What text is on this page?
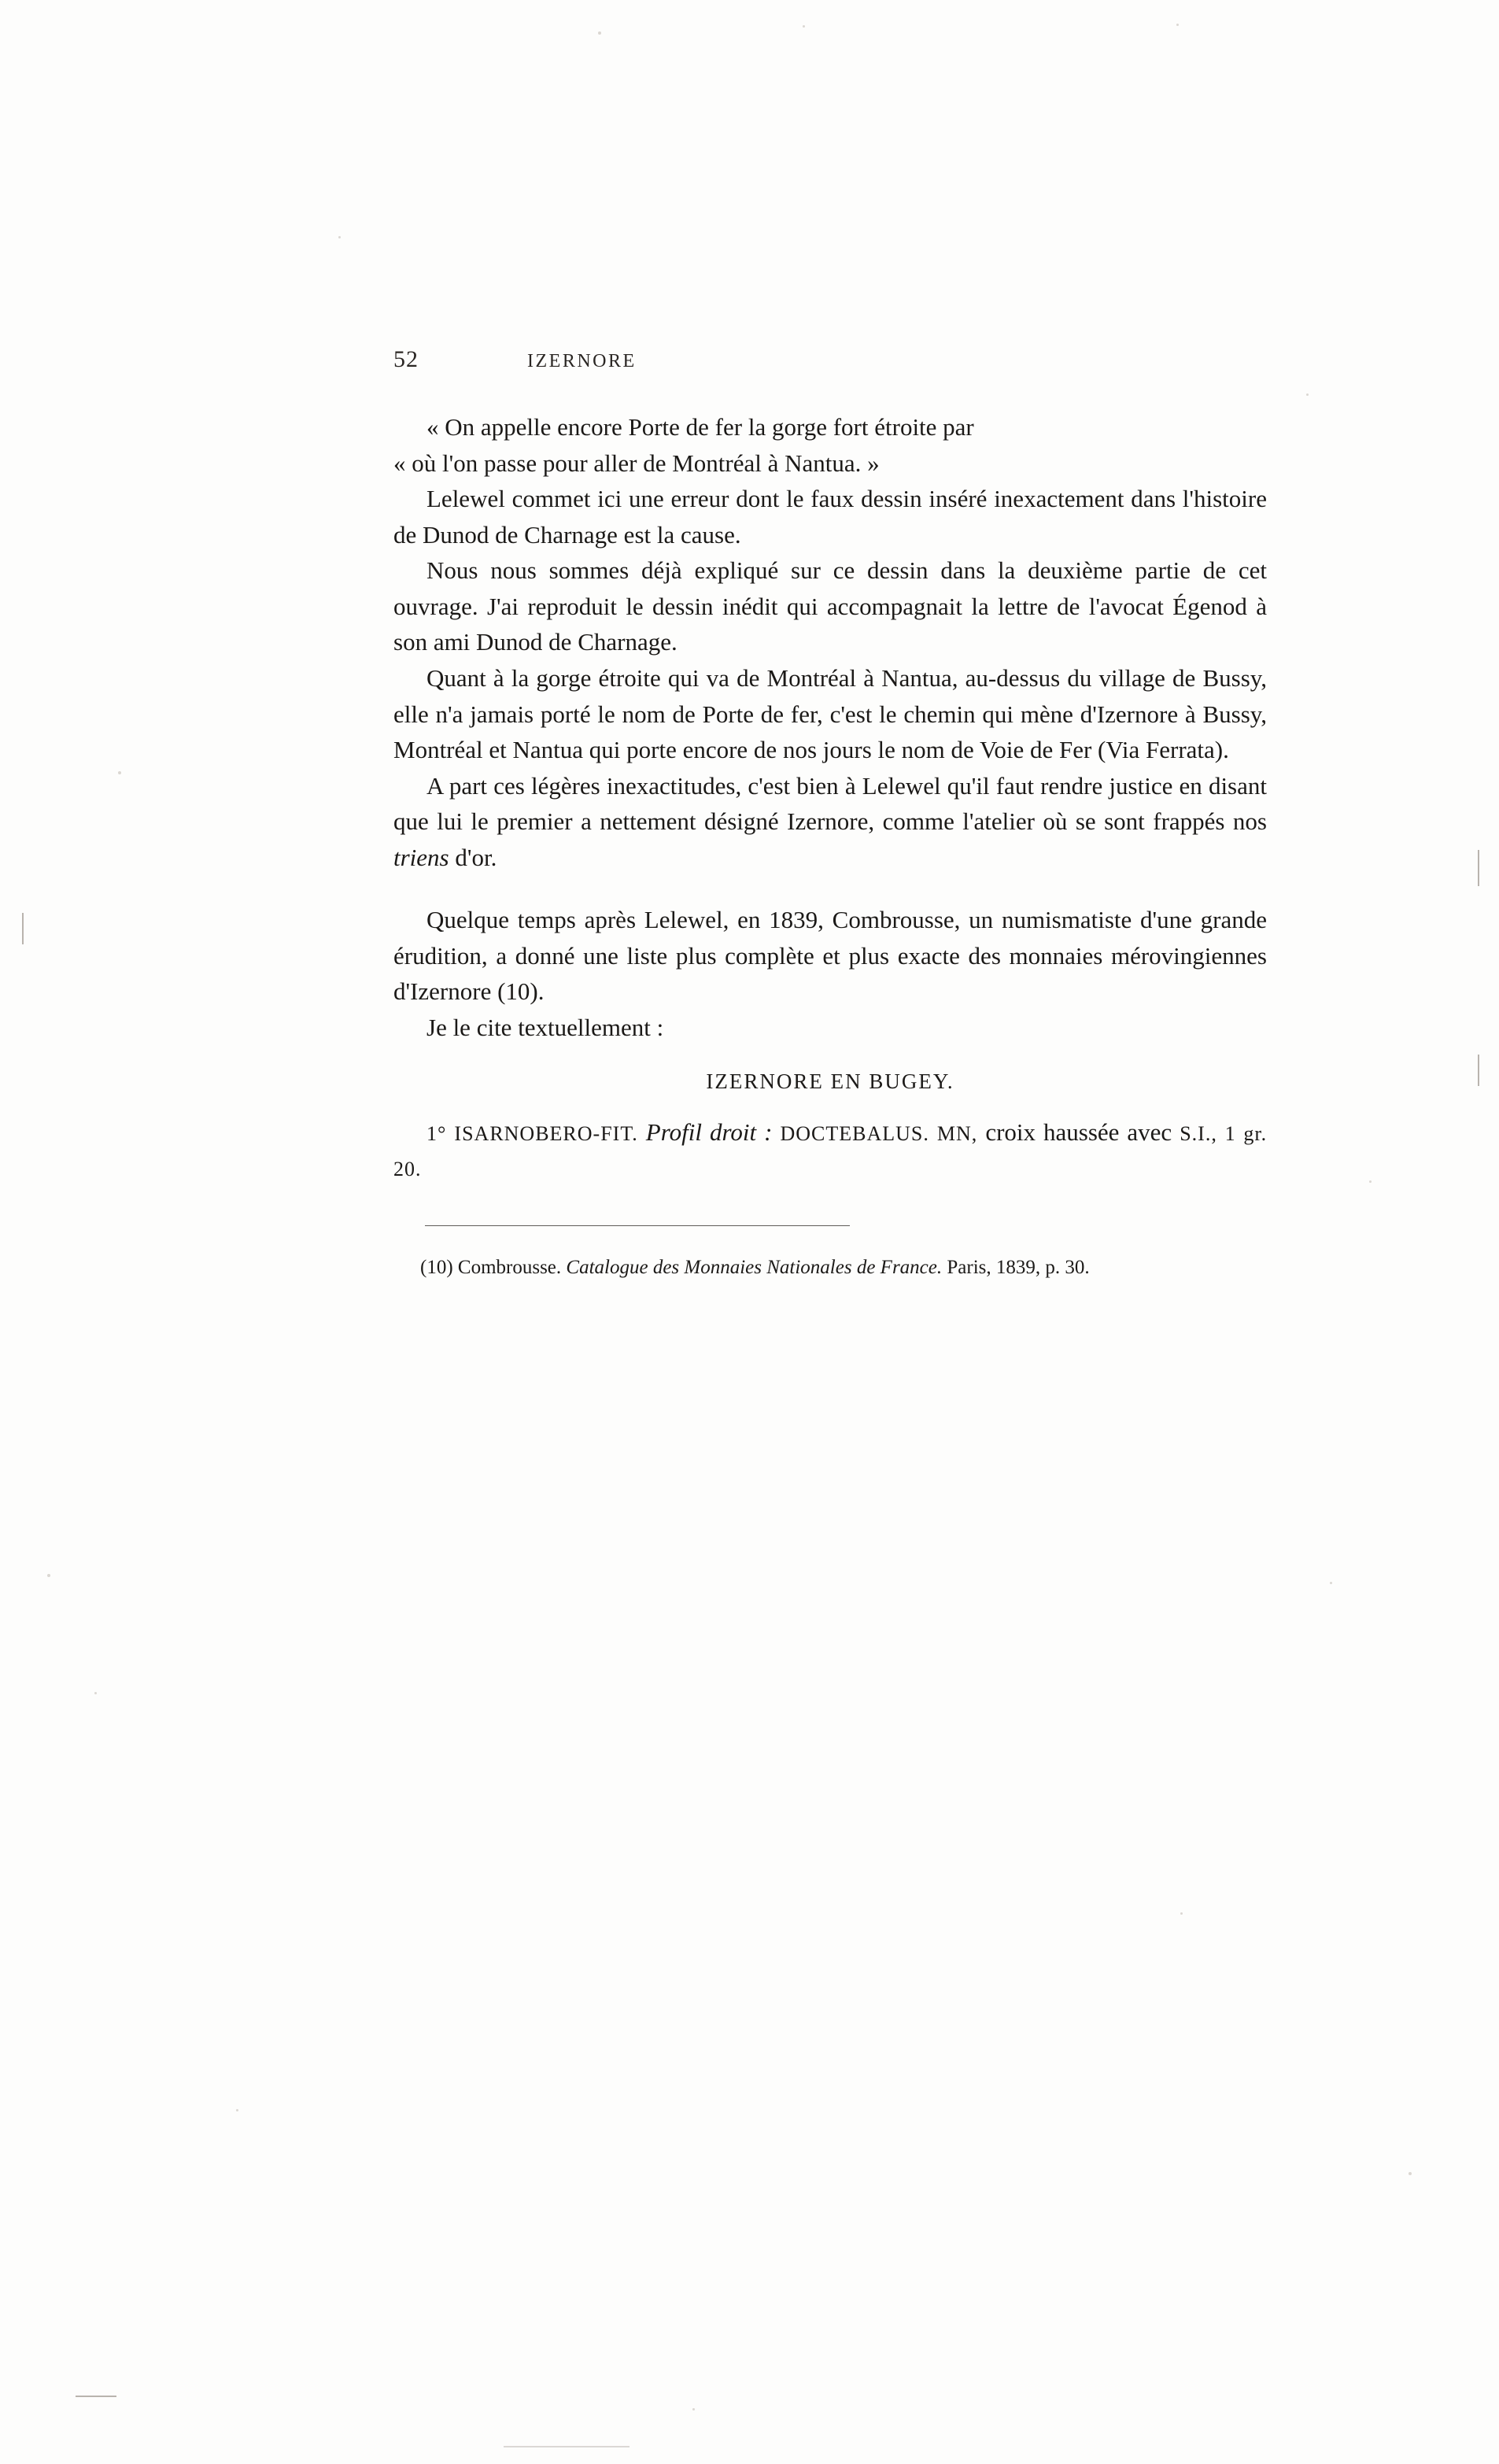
52	IZERNORE

« On appelle encore Porte de fer la gorge fort étroite par

« où l'on passe pour aller de Montréal à Nantua. »

Lelewel commet ici une erreur dont le faux dessin inséré inexactement dans l'histoire de Dunod de Charnage est la cause.

Nous nous sommes déjà expliqué sur ce dessin dans la deuxième partie de cet ouvrage. J'ai reproduit le dessin inédit qui accompagnait la lettre de l'avocat Égenod à son ami Dunod de Charnage.

Quant à la gorge étroite qui va de Montréal à Nantua, au-dessus du village de Bussy, elle n'a jamais porté le nom de Porte de fer, c'est le chemin qui mène d'Izernore à Bussy, Montréal et Nantua qui porte encore de nos jours le nom de Voie de Fer (Via Ferrata).

A part ces légères inexactitudes, c'est bien à Lelewel qu'il faut rendre justice en disant que lui le premier a nettement désigné Izernore, comme l'atelier où se sont frappés nos triens d'or.

Quelque temps après Lelewel, en 1839, Combrousse, un numismatiste d'une grande érudition, a donné une liste plus complète et plus exacte des monnaies mérovingiennes d'Izernore (10).

Je le cite textuellement :

IZERNORE EN BUGEY.

1° ISARNOBERO-FIT. Profil droit : DOCTEBALUS. MN, croix haussée avec S.I., 1 gr. 20.

(10) Combrousse. Catalogue des Monnaies Nationales de France. Paris, 1839, p. 30.
